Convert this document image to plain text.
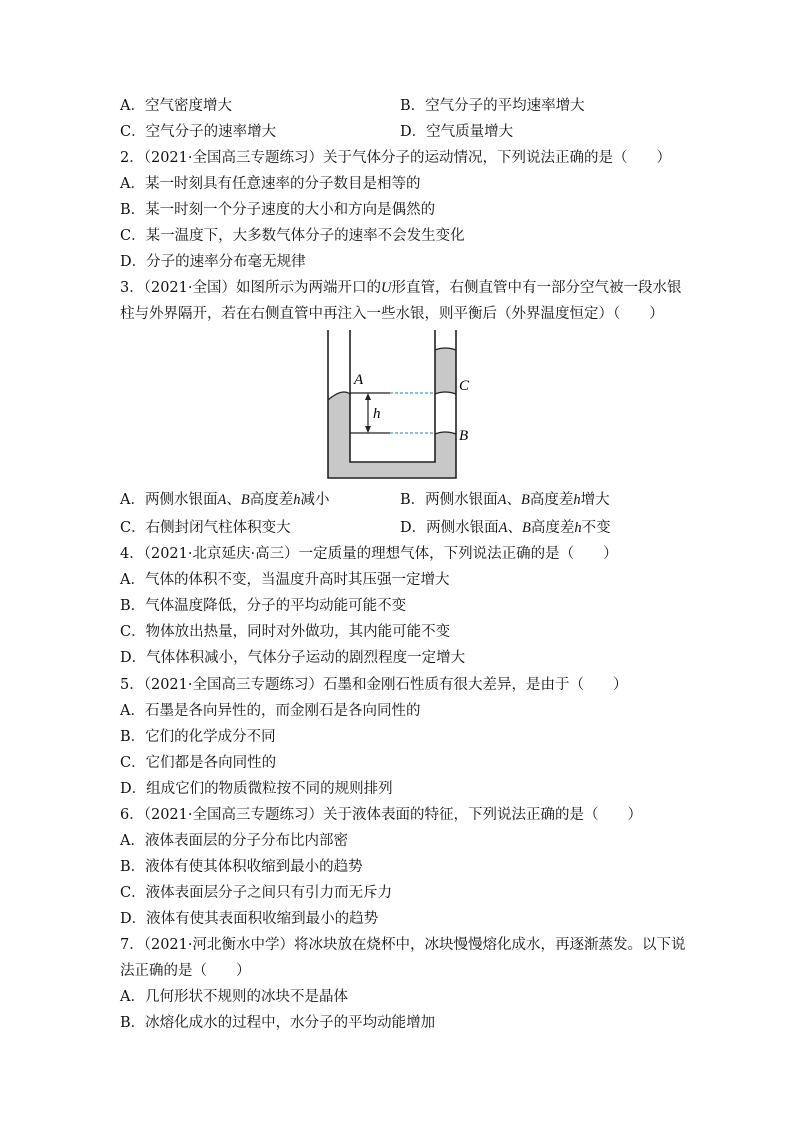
A．空气密度增大	B．空气分子的平均速率增大
C．空气分子的速率增大	D．空气质量增大
2．（2021·全国高三专题练习）关于气体分子的运动情况，下列说法正确的是（　　）
A．某一时刻具有任意速率的分子数目是相等的
B．某一时刻一个分子速度的大小和方向是偶然的
C．某一温度下，大多数气体分子的速率不会发生变化
D．分子的速率分布毫无规律
3．（2021·全国）如图所示为两端开口的U形直管，右侧直管中有一部分空气被一段水银
柱与外界隔开，若在右侧直管中再注入一些水银，则平衡后（外界温度恒定）（　　）
A
h
C
B
A．两侧水银面A、B高度差h减小	B．两侧水银面A、B高度差h增大
C．右侧封闭气柱体积变大	D．两侧水银面A、B高度差h不变
4．（2021·北京延庆·高三）一定质量的理想气体，下列说法正确的是（　　）
A．气体的体积不变，当温度升高时其压强一定增大
B．气体温度降低，分子的平均动能可能不变
C．物体放出热量，同时对外做功，其内能可能不变
D．气体体积减小，气体分子运动的剧烈程度一定增大
5．（2021·全国高三专题练习）石墨和金刚石性质有很大差异，是由于（　　）
A．石墨是各向异性的，而金刚石是各向同性的
B．它们的化学成分不同
C．它们都是各向同性的
D．组成它们的物质微粒按不同的规则排列
6．（2021·全国高三专题练习）关于液体表面的特征，下列说法正确的是（　　）
A．液体表面层的分子分布比内部密
B．液体有使其体积收缩到最小的趋势
C．液体表面层分子之间只有引力而无斥力
D．液体有使其表面积收缩到最小的趋势
7．（2021·河北衡水中学）将冰块放在烧杯中，冰块慢慢熔化成水，再逐渐蒸发。以下说
法正确的是（　　）
A．几何形状不规则的冰块不是晶体
B．冰熔化成水的过程中，水分子的平均动能增加
